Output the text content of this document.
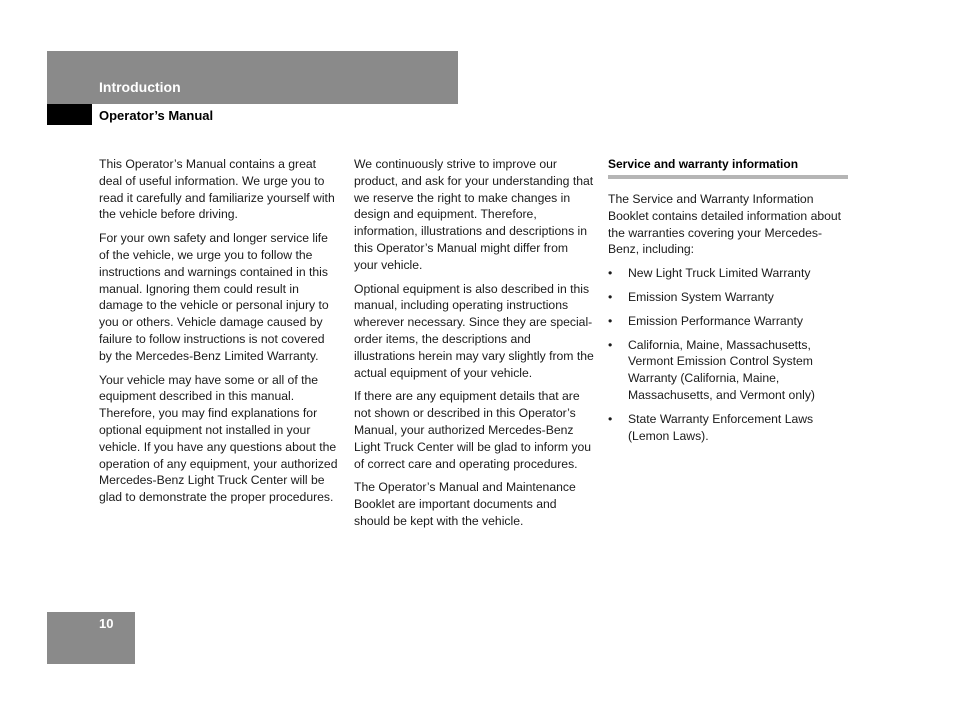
Introduction
Operator’s Manual

This Operator’s Manual contains a great deal of useful information. We urge you to read it carefully and familiarize yourself with the vehicle before driving.

For your own safety and longer service life of the vehicle, we urge you to follow the instructions and warnings contained in this manual. Ignoring them could result in damage to the vehicle or personal injury to you or others. Vehicle damage caused by failure to follow instructions is not covered by the Mercedes-Benz Limited Warranty.

Your vehicle may have some or all of the equipment described in this manual. Therefore, you may find explanations for optional equipment not installed in your vehicle. If you have any questions about the operation of any equipment, your authorized Mercedes-Benz Light Truck Center will be glad to demonstrate the proper procedures.

We continuously strive to improve our product, and ask for your understanding that we reserve the right to make changes in design and equipment. Therefore, information, illustrations and descriptions in this Operator’s Manual might differ from your vehicle.

Optional equipment is also described in this manual, including operating instructions wherever necessary. Since they are special-order items, the descriptions and illustrations herein may vary slightly from the actual equipment of your vehicle.

If there are any equipment details that are not shown or described in this Operator’s Manual, your authorized Mercedes-Benz Light Truck Center will be glad to inform you of correct care and operating procedures.

The Operator’s Manual and Maintenance Booklet are important documents and should be kept with the vehicle.

Service and warranty information

The Service and Warranty Information Booklet contains detailed information about the warranties covering your Mercedes-Benz, including:

• New Light Truck Limited Warranty
• Emission System Warranty
• Emission Performance Warranty
• California, Maine, Massachusetts, Vermont Emission Control System Warranty (California, Maine, Massachusetts, and Vermont only)
• State Warranty Enforcement Laws (Lemon Laws).
10
